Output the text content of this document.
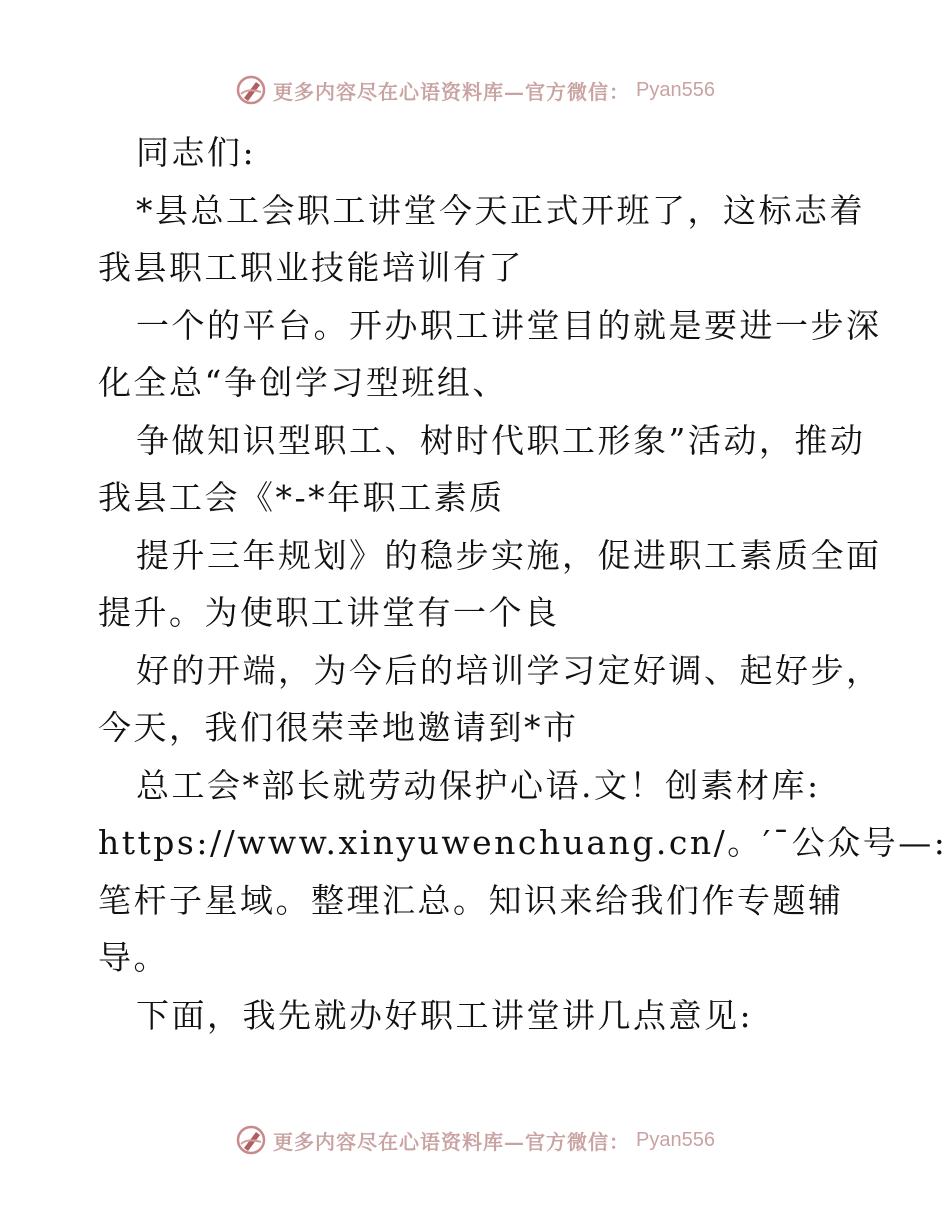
更多内容尽在心语资料库—官方微信： Pyan556
同志们:
*县总工会职工讲堂今天正式开班了，这标志着
我县职工职业技能培训有了
一个的平台。开办职工讲堂目的就是要进一步深
化全总“争创学习型班组、
争做知识型职工、树时代职工形象”活动，推动
我县工会《*-*年职工素质
提升三年规划》的稳步实施，促进职工素质全面
提升。为使职工讲堂有一个良
好的开端，为今后的培训学习定好调、起好步，
今天，我们很荣幸地邀请到*市
总工会*部长就劳动保护心语.文！创素材库:
https://www.xinyuwenchuang.cn/。′¯公众号—:
笔杆子星域。整理汇总。知识来给我们作专题辅
导。
下面，我先就办好职工讲堂讲几点意见:
更多内容尽在心语资料库—官方微信： Pyan556
